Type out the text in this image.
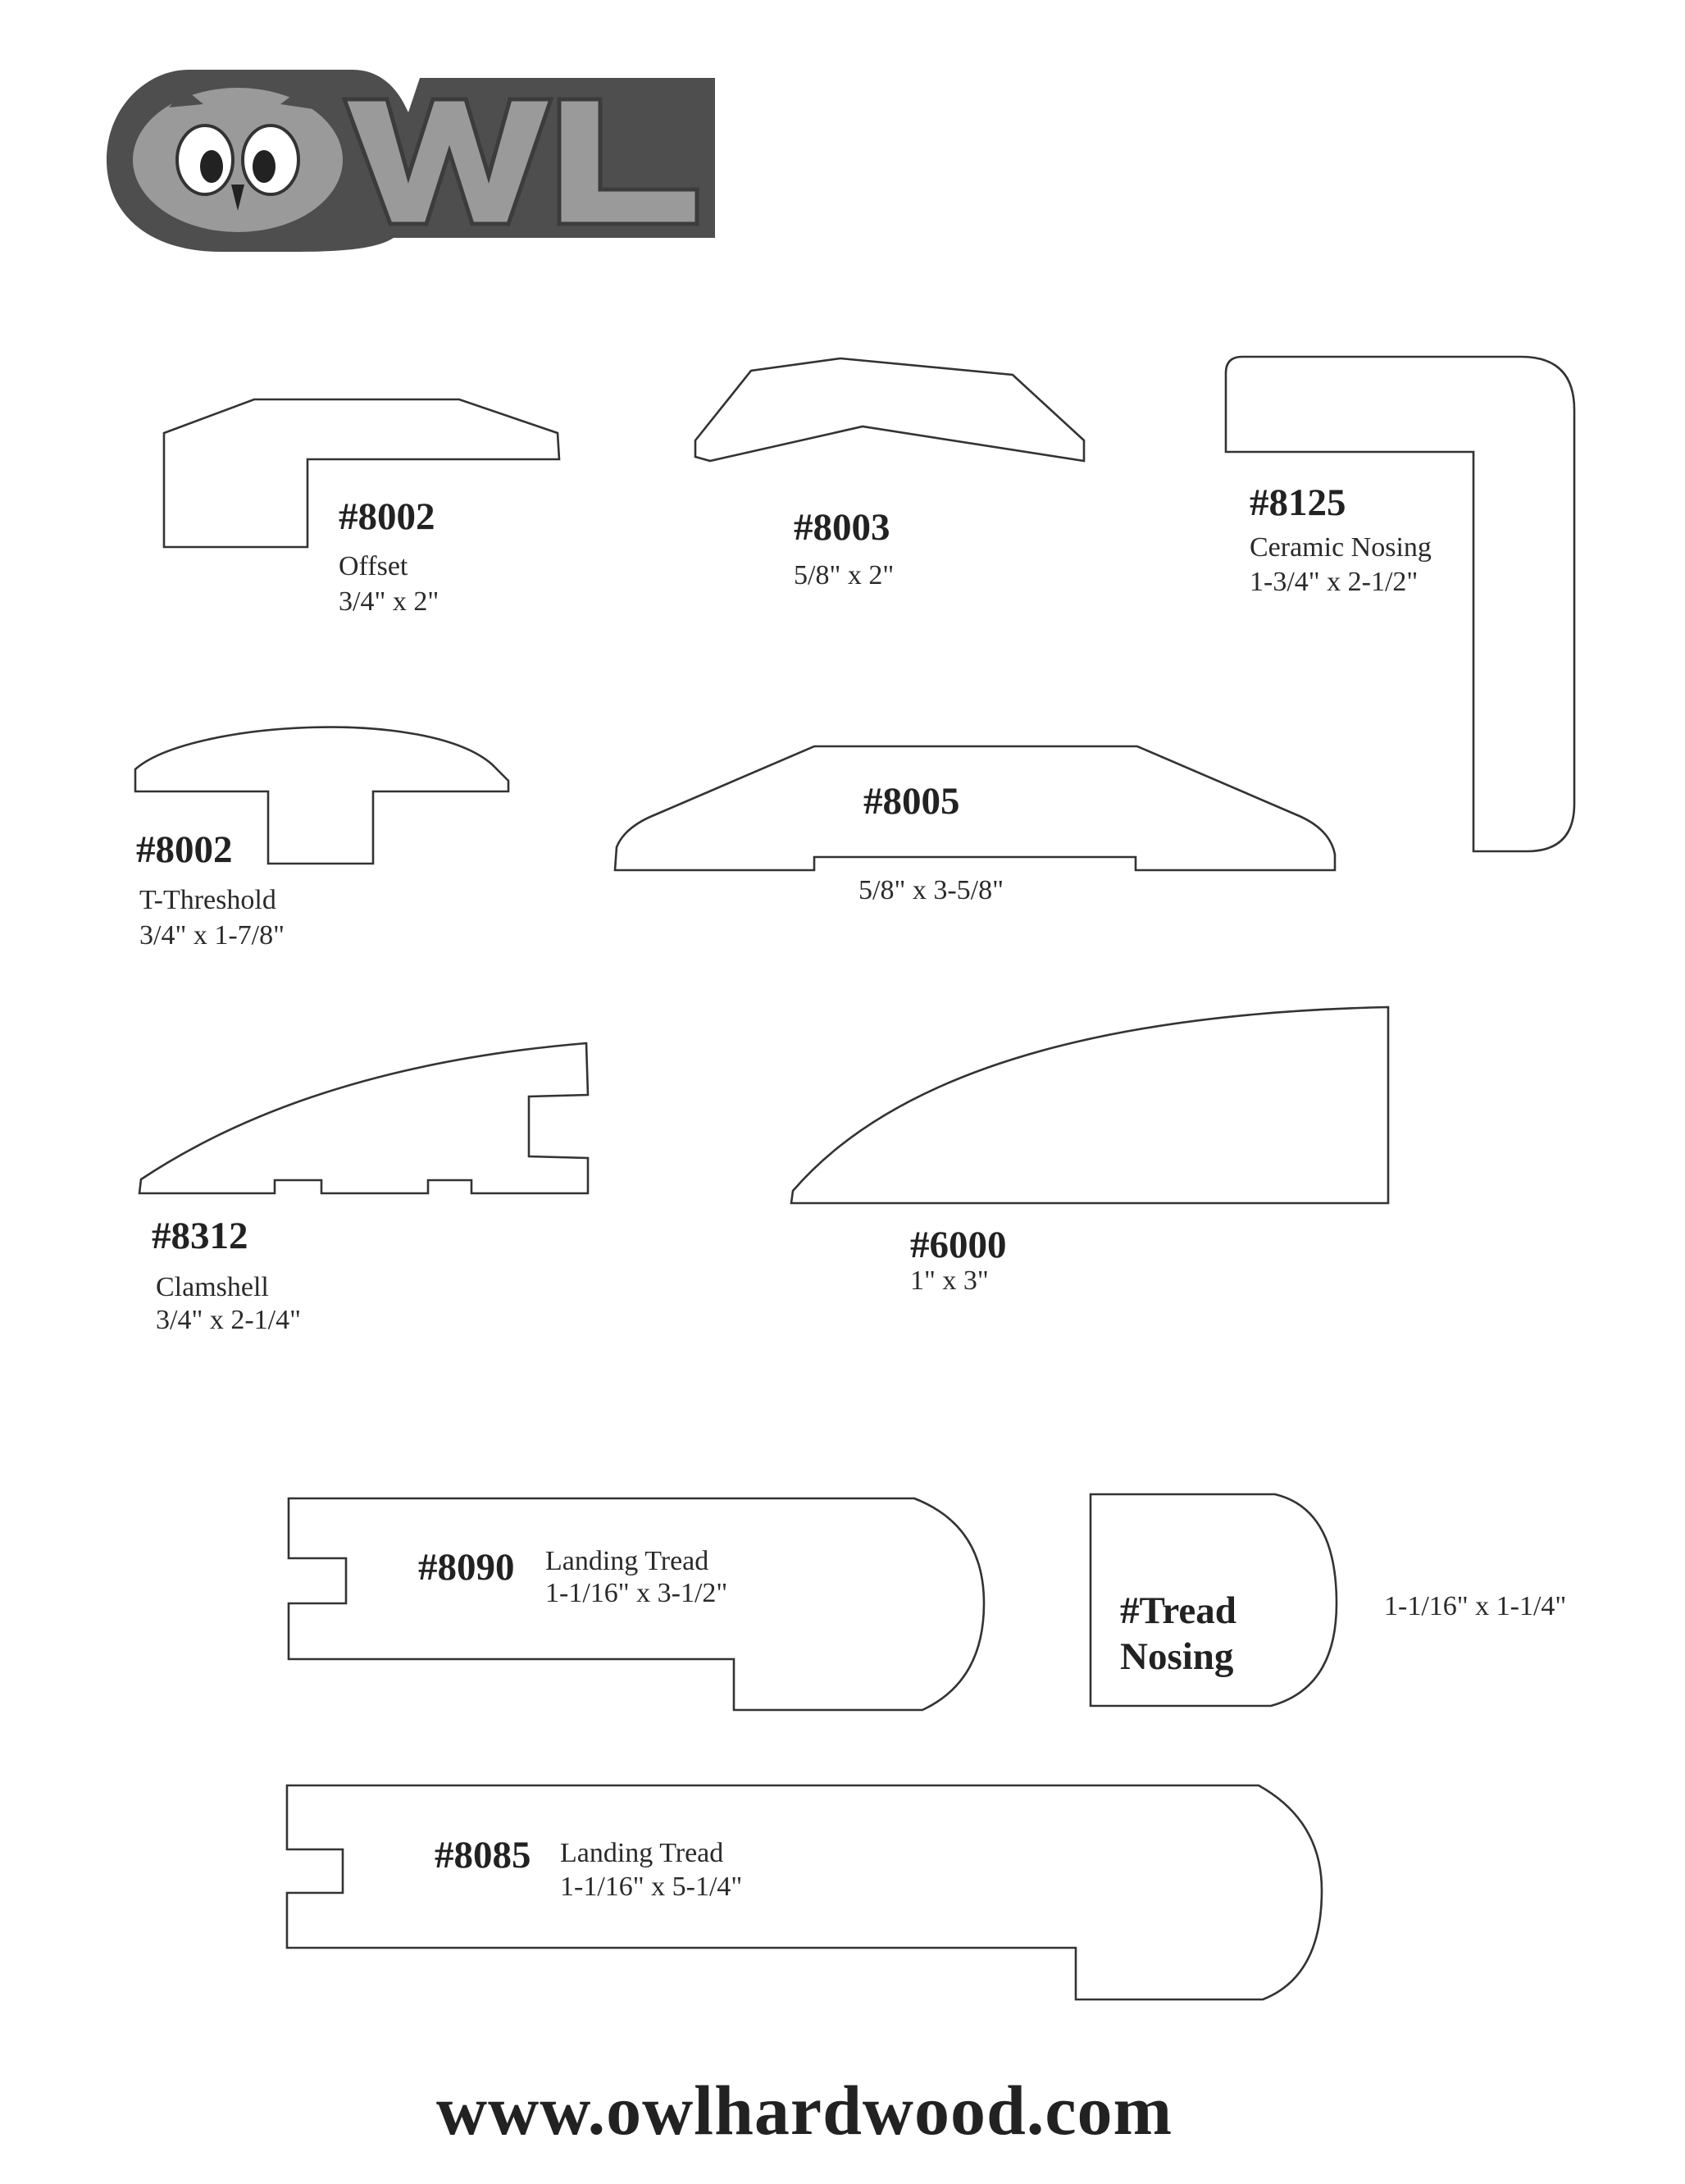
#8002
Offset
3/4" x 2"
#8003
5/8" x 2"
#8125
Ceramic Nosing
1-3/4" x 2-1/2"
#8002
T-Threshold
3/4" x 1-7/8"
#8005
5/8" x 3-5/8"
#8312
Clamshell
3/4" x 2-1/4"
#6000
1" x 3"
#8090 Landing Tread
1-1/16" x 3-1/2"	#Tread
Nosing
1-1/16" x 1-1/4"
#8085 Landing Tread
1-1/16" x 5-1/4"
www.owlhardwood.com
